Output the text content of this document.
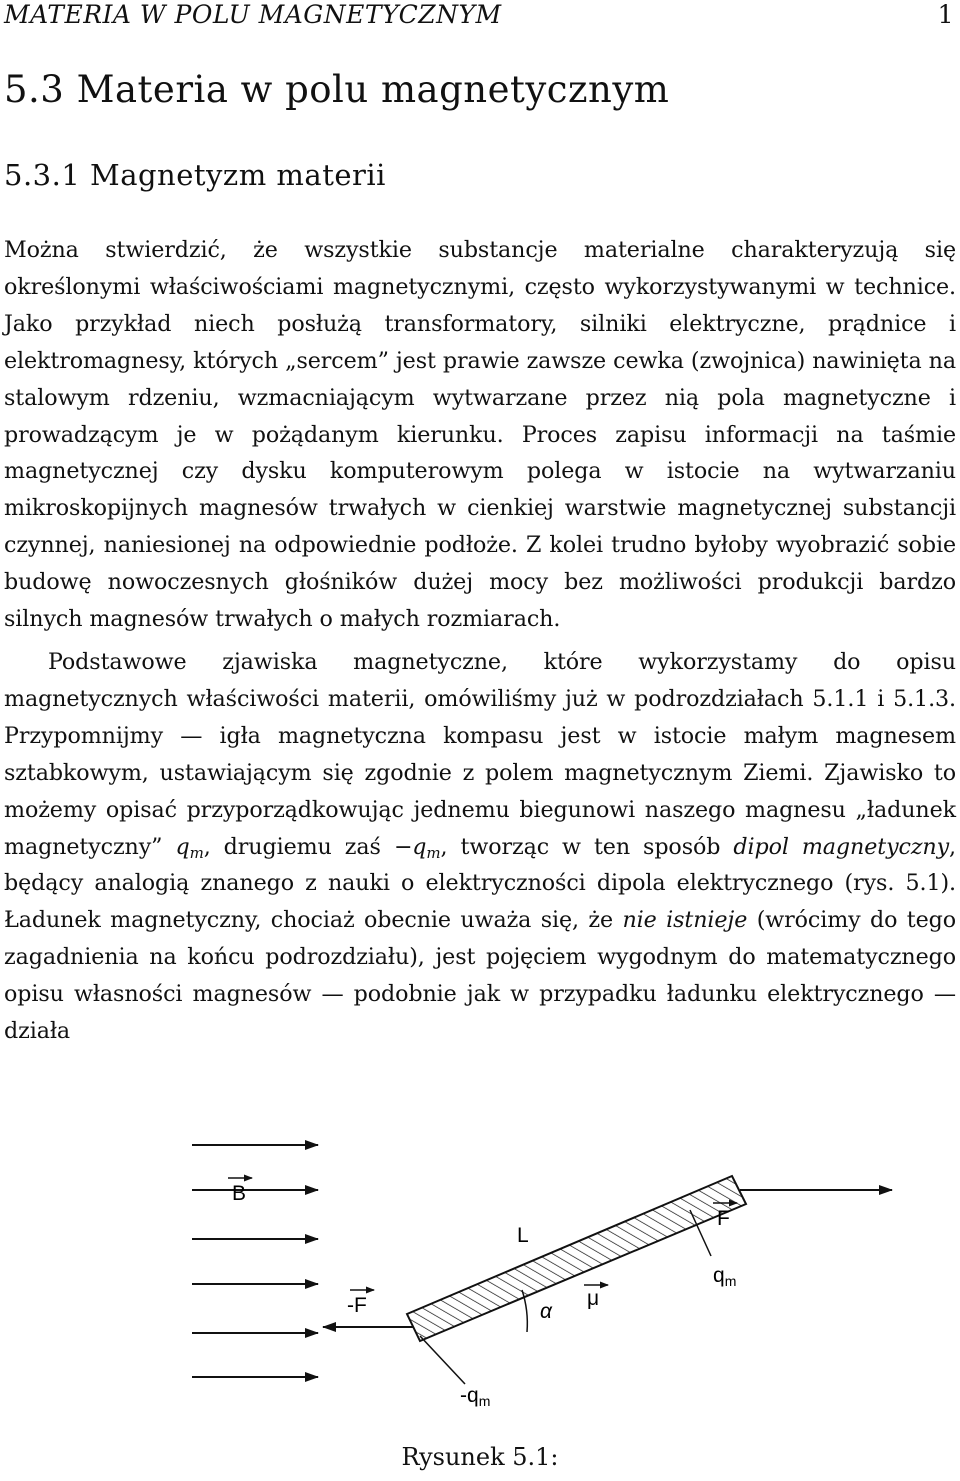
MATERIA W POLU MAGNETYCZNYM	1
5.3 Materia w polu magnetycznym
5.3.1 Magnetyzm materii

Można stwierdzić, że wszystkie substancje materialne charakteryzują się określonymi właściwościami magnetycznymi, często wykorzystywanymi w technice. Jako przykład niech posłużą transformatory, silniki elektryczne, prądnice i elektromagnesy, których „sercem” jest prawie zawsze cewka (zwojnica) nawinięta na stalowym rdzeniu, wzmacniającym wytwarzane przez nią pola magnetyczne i prowadzącym je w pożądanym kierunku. Proces zapisu informacji na taśmie magnetycznej czy dysku komputerowym polega w istocie na wytwarzaniu mikroskopijnych magnesów trwałych w cienkiej warstwie magnetycznej substancji czynnej, naniesionej na odpowiednie podłoże. Z kolei trudno byłoby wyobrazić sobie budowę nowoczesnych głośników dużej mocy bez możliwości produkcji bardzo silnych magnesów trwałych o małych rozmiarach.

Podstawowe zjawiska magnetyczne, które wykorzystamy do opisu magnetycznych właściwości materii, omówiliśmy już w podrozdziałach 5.1.1 i 5.1.3. Przypomnijmy — igła magnetyczna kompasu jest w istocie małym magnesem sztabkowym, ustawiającym się zgodnie z polem magnetycznym Ziemi. Zjawisko to możemy opisać przyporządkowując jednemu biegunowi naszego magnesu „ładunek magnetyczny” $q_m$, drugiemu zaś $-q_m$, tworząc w ten sposób dipol magnetyczny, będący analogią znanego z nauki o elektryczności dipola elektrycznego (rys. 5.1). Ładunek magnetyczny, chociaż obecnie uważa się, że nie istnieje (wrócimy do tego zagadnienia na końcu podrozdziału), jest pojęciem wygodnym do matematycznego opisu własności magnesów — podobnie jak w przypadku ładunku elektrycznego — działa

B
L
F
qm
-F	α
μ
-qm
Rysunek 5.1:
